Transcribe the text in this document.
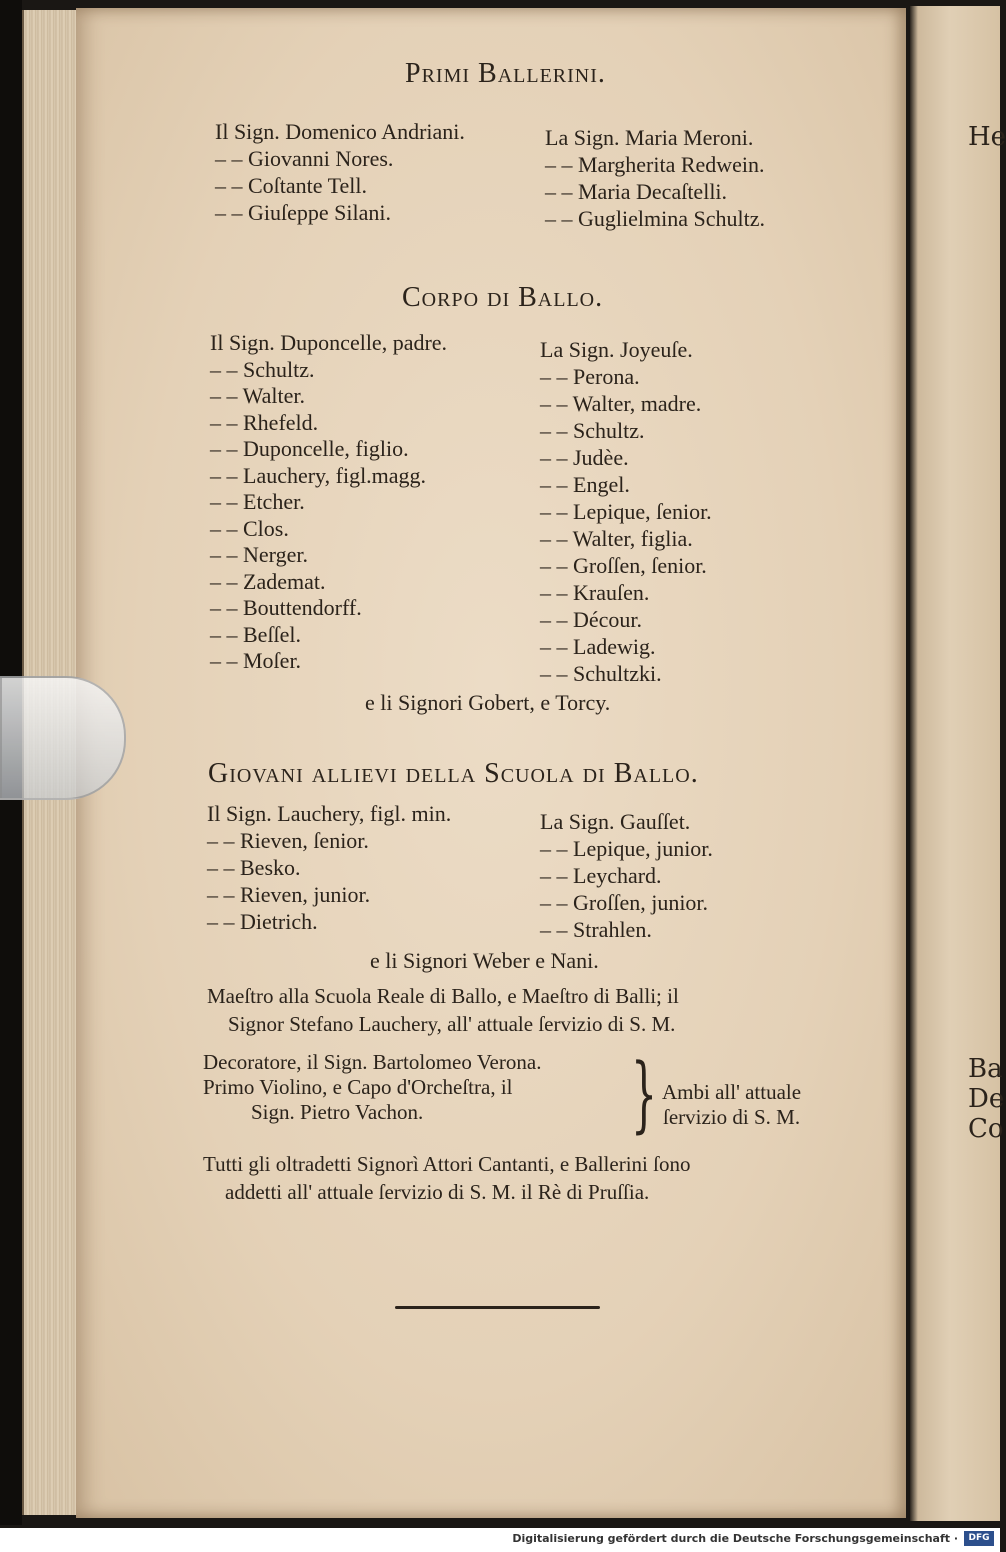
He
Ba
De
Co
Primi Ballerini.
Il Sign. Domenico Andriani.
– – Giovanni Nores.
– – Coſtante Tell.
– – Giuſeppe Silani.
La Sign. Maria Meroni.
– – Margherita Redwein.
– – Maria Decaſtelli.
– – Guglielmina Schultz.
Corpo di Ballo.
Il Sign. Duponcelle, padre.
– – Schultz.
– – Walter.
– – Rhefeld.
– – Duponcelle, figlio.
– – Lauchery, figl.magg.
– – Etcher.
– – Clos.
– – Nerger.
– – Zademat.
– – Bouttendorff.
– – Beſſel.
– – Moſer.
La Sign. Joyeuſe.
– – Perona.
– – Walter, madre.
– – Schultz.
– – Judèe.
– – Engel.
– – Lepique, ſenior.
– – Walter, figlia.
– – Groſſen, ſenior.
– – Krauſen.
– – Décour.
– – Ladewig.
– – Schultzki.
e li Signori Gobert, e Torcy.
Giovani allievi della Scuola di Ballo.
Il Sign. Lauchery, figl. min.
– – Rieven, ſenior.
– – Besko.
– – Rieven, junior.
– – Dietrich.
La Sign. Gauſſet.
– – Lepique, junior.
– – Leychard.
– – Groſſen, junior.
– – Strahlen.
e li Signori Weber e Nani.
Maeſtro alla Scuola Reale di Ballo, e Maeſtro di Balli; il
Signor Stefano Lauchery, all' attuale ſervizio di S. M.
Decoratore, il Sign. Bartolomeo Verona.
Primo Violino, e Capo d'Orcheſtra, il
Sign. Pietro Vachon.	} Ambi all' attuale
ſervizio di S. M.
Tutti gli oltradetti Signorì Attori Cantanti, e Ballerini ſono
addetti all' attuale ſervizio di S. M. il Rè di Pruſſia.
Digitalisierung gefördert durch die Deutsche Forschungsgemeinschaft ·	DFG
